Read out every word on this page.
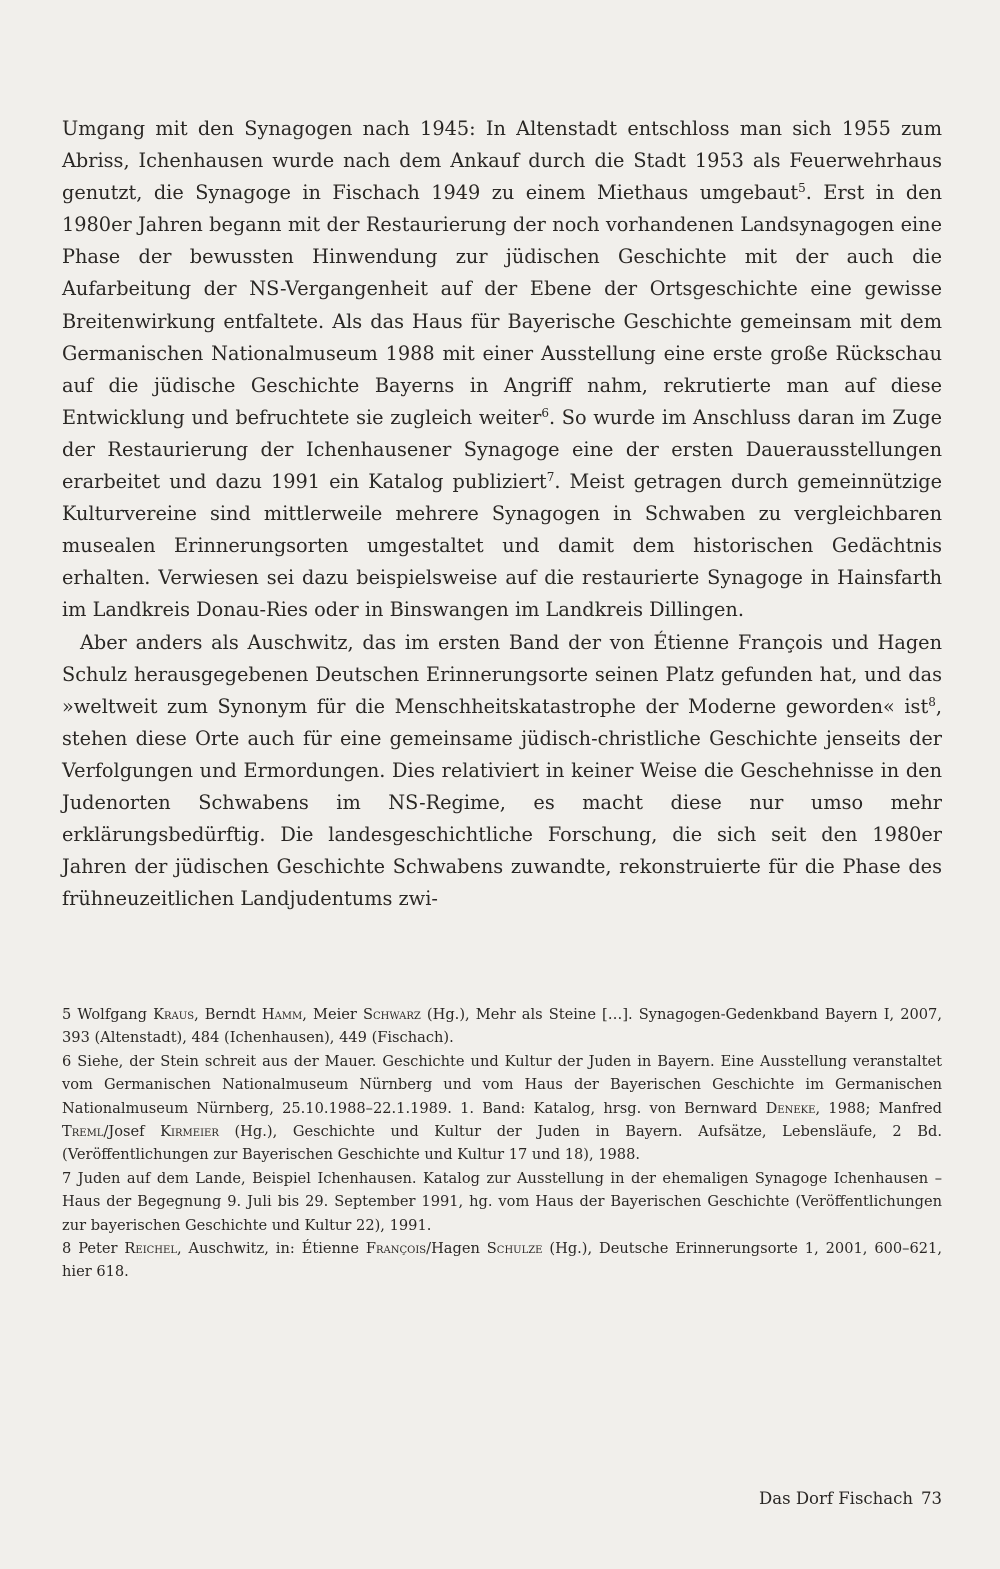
Umgang mit den Synagogen nach 1945: In Altenstadt entschloss man sich 1955 zum Abriss, Ichenhausen wurde nach dem Ankauf durch die Stadt 1953 als Feuerwehrhaus genutzt, die Synagoge in Fischach 1949 zu einem Miethaus umgebaut$^5$. Erst in den 1980er Jahren begann mit der Restaurierung der noch vorhandenen Landsynagogen eine Phase der bewussten Hinwendung zur jüdischen Geschichte mit der auch die Aufarbeitung der NS-Vergangenheit auf der Ebene der Ortsgeschichte eine gewisse Breitenwirkung entfaltete. Als das Haus für Bayerische Geschichte gemeinsam mit dem Germanischen Nationalmuseum 1988 mit einer Ausstellung eine erste große Rückschau auf die jüdische Geschichte Bayerns in Angriff nahm, rekrutierte man auf diese Entwicklung und befruchtete sie zugleich weiter$^6$. So wurde im Anschluss daran im Zuge der Restaurierung der Ichenhausener Synagoge eine der ersten Dauerausstellungen erarbeitet und dazu 1991 ein Katalog publiziert$^7$. Meist getragen durch gemeinnützige Kulturvereine sind mittlerweile mehrere Synagogen in Schwaben zu vergleichbaren musealen Erinnerungsorten umgestaltet und damit dem historischen Gedächtnis erhalten. Verwiesen sei dazu beispielsweise auf die restaurierte Synagoge in Hainsfarth im Landkreis Donau-Ries oder in Binswangen im Landkreis Dillingen.

Aber anders als Auschwitz, das im ersten Band der von Étienne François und Hagen Schulz herausgegebenen Deutschen Erinnerungsorte seinen Platz gefunden hat, und das »weltweit zum Synonym für die Menschheitskatastrophe der Moderne geworden« ist$^8$, stehen diese Orte auch für eine gemeinsame jüdisch-christliche Geschichte jenseits der Verfolgungen und Ermordungen. Dies relativiert in keiner Weise die Geschehnisse in den Judenorten Schwabens im NS-Regime, es macht diese nur umso mehr erklärungsbedürftig. Die landesgeschichtliche Forschung, die sich seit den 1980er Jahren der jüdischen Geschichte Schwabens zuwandte, rekonstruierte für die Phase des frühneuzeitlichen Landjudentums zwi-

5 Wolfgang Kraus, Berndt Hamm, Meier Schwarz (Hg.), Mehr als Steine […]. Synagogen-Gedenkband Bayern I, 2007, 393 (Altenstadt), 484 (Ichenhausen), 449 (Fischach).

6 Siehe, der Stein schreit aus der Mauer. Geschichte und Kultur der Juden in Bayern. Eine Ausstellung veranstaltet vom Germanischen Nationalmuseum Nürnberg und vom Haus der Bayerischen Geschichte im Germanischen Nationalmuseum Nürnberg, 25.10.1988–22.1.1989. 1. Band: Katalog, hrsg. von Bernward Deneke, 1988; Manfred Treml/Josef Kirmeier (Hg.), Geschichte und Kultur der Juden in Bayern. Aufsätze, Lebensläufe, 2 Bd. (Veröffentlichungen zur Bayerischen Geschichte und Kultur 17 und 18), 1988.

7 Juden auf dem Lande, Beispiel Ichenhausen. Katalog zur Ausstellung in der ehemaligen Synagoge Ichenhausen – Haus der Begegnung 9. Juli bis 29. September 1991, hg. vom Haus der Bayerischen Geschichte (Veröffentlichungen zur bayerischen Geschichte und Kultur 22), 1991.

8 Peter Reichel, Auschwitz, in: Étienne François/Hagen Schulze (Hg.), Deutsche Erinnerungsorte 1, 2001, 600–621, hier 618.

Das Dorf Fischach 73
